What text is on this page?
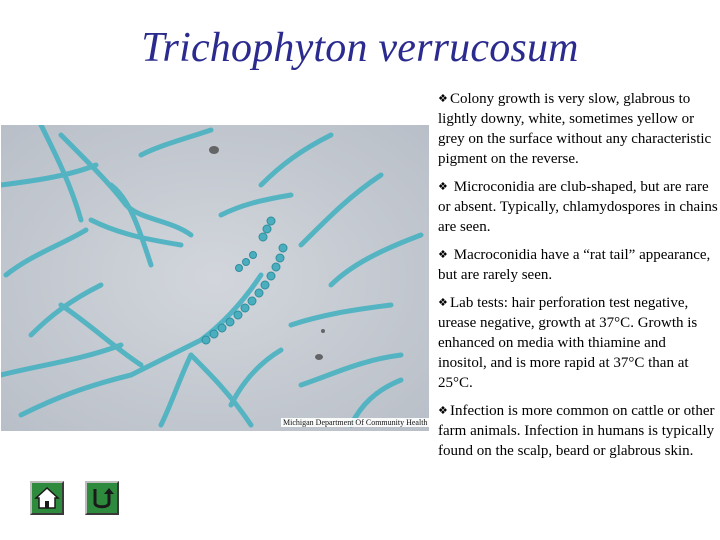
Trichophyton verrucosum
Michigan Department Of Community Health
❖ Colony growth is very slow, glabrous to lightly downy, white, sometimes yellow or grey on the surface without any characteristic pigment on the reverse.
❖ Microconidia are club-shaped, but are rare or absent. Typically, chlamydospores in chains are seen.
❖ Macroconidia have a “rat tail” appearance, but are rarely seen.
❖ Lab tests: hair perforation test negative, urease negative, growth at 37°C. Growth is enhanced on media with thiamine and inositol, and is more rapid at 37°C than at 25°C.
❖ Infection is more common on cattle or other farm animals. Infection in humans is typically found on the scalp, beard or glabrous skin.
